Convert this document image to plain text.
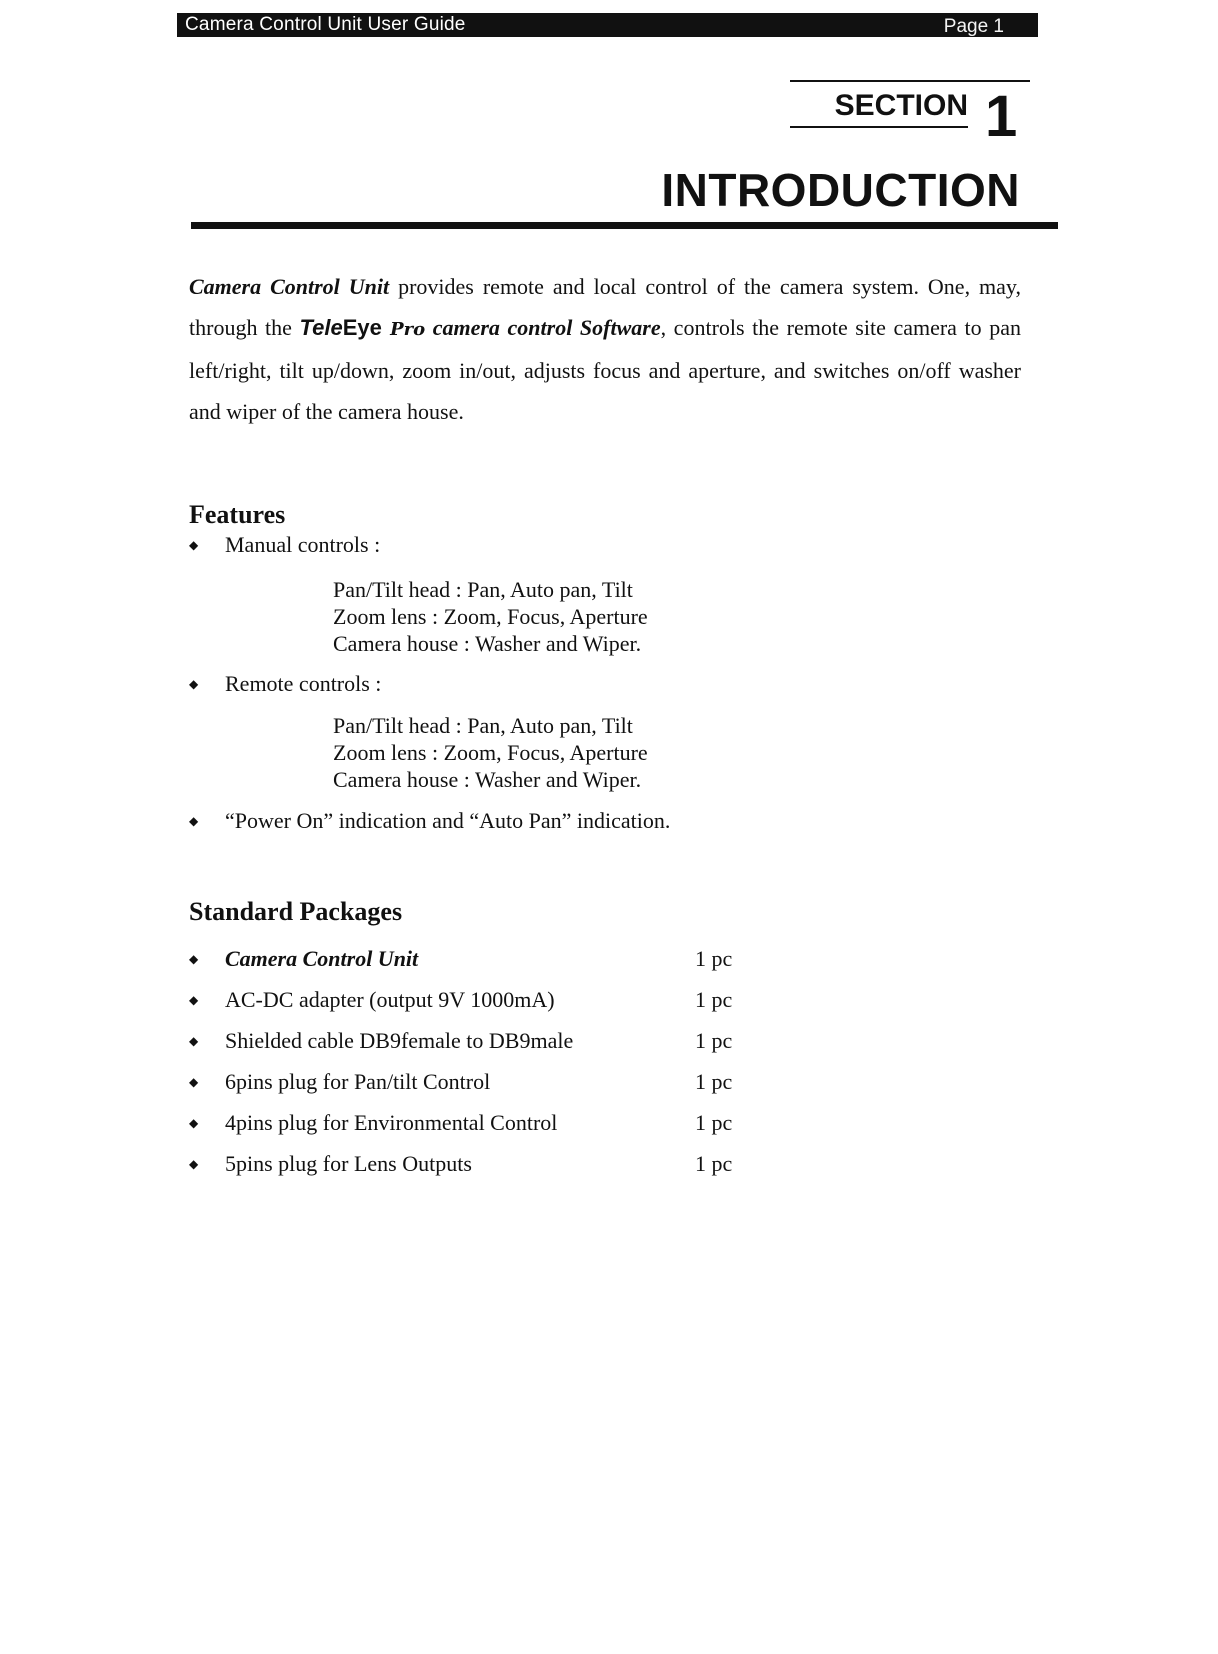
Camera Control Unit User Guide	Page 1
SECTION 1
INTRODUCTION
Camera Control Unit provides remote and local control of the camera system. One, may, through the TeleEye Pro camera control Software, controls the remote site camera to pan left/right, tilt up/down, zoom in/out, adjusts focus and aperture, and switches on/off washer and wiper of the camera house.
Features
◆ Manual controls :
Pan/Tilt head : Pan, Auto pan, Tilt
Zoom lens : Zoom, Focus, Aperture
Camera house : Washer and Wiper.
◆ Remote controls :
Pan/Tilt head : Pan, Auto pan, Tilt
Zoom lens : Zoom, Focus, Aperture
Camera house : Washer and Wiper.
◆ “Power On” indication and “Auto Pan” indication.
Standard Packages
◆ Camera Control Unit	1 pc
◆ AC-DC adapter (output 9V 1000mA)	1 pc
◆ Shielded cable DB9female to DB9male	1 pc
◆ 6pins plug for Pan/tilt Control	1 pc
◆ 4pins plug for Environmental Control	1 pc
◆ 5pins plug for Lens Outputs	1 pc
